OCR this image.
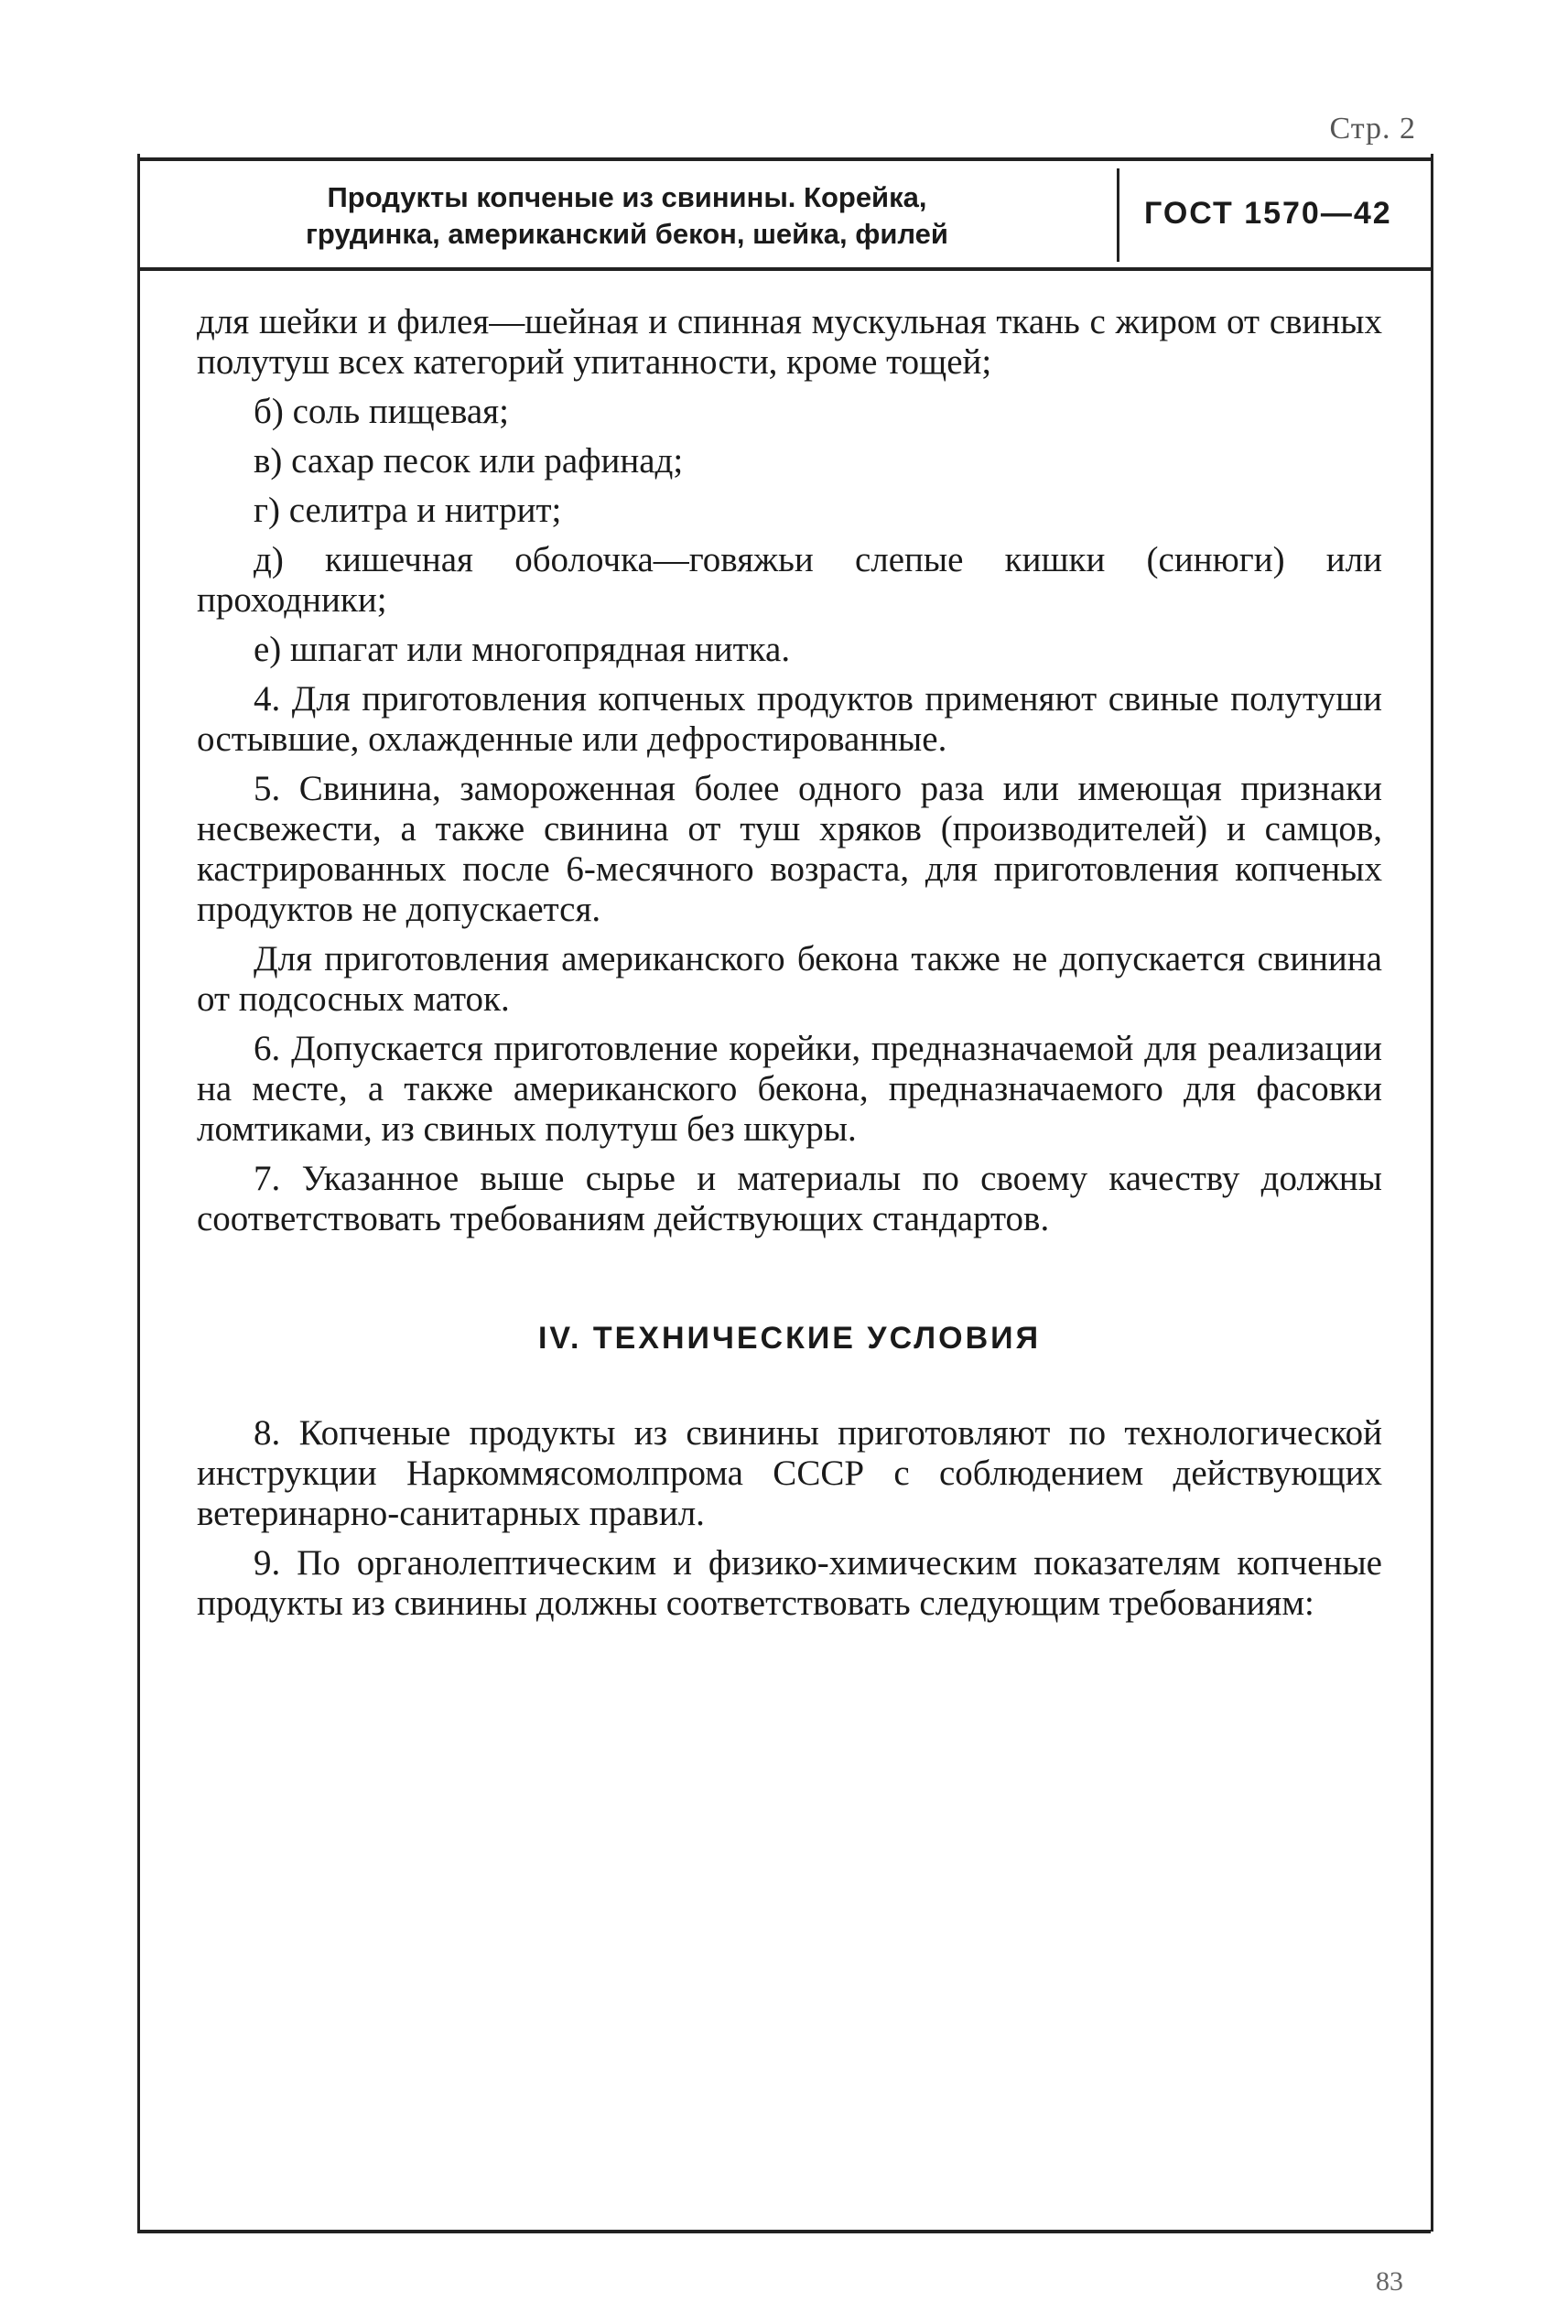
Стр. 2
Продукты копченые из свинины. Корейка,
грудинка, американский бекон, шейка, филей
ГОСТ 1570—42

для шейки и филея—шейная и спинная мускульная ткань с жиром от свиных полутуш всех категорий упитанности, кроме тощей;

б) соль пищевая;

в) сахар песок или рафинад;

г) селитра и нитрит;

д) кишечная оболочка—говяжьи слепые кишки (синюги) или проходники;

е) шпагат или многопрядная нитка.

4. Для приготовления копченых продуктов применяют свиные полутуши остывшие, охлажденные или дефростированные.

5. Свинина, замороженная более одного раза или имеющая признаки несвежести, а также свинина от туш хряков (производителей) и самцов, кастрированных после 6-месячного возраста, для приготовления копченых продуктов не допускается.

Для приготовления американского бекона также не допускается свинина от подсосных маток.

6. Допускается приготовление корейки, предназначаемой для реализации на месте, а также американского бекона, предназначаемого для фасовки ломтиками, из свиных полутуш без шкуры.

7. Указанное выше сырье и материалы по своему качеству должны соответствовать требованиям действующих стандартов.

IV. ТЕХНИЧЕСКИЕ УСЛОВИЯ

8. Копченые продукты из свинины приготовляют по технологической инструкции Наркоммясомолпрома СССР с соблюдением действующих ветеринарно-санитарных правил.

9. По органолептическим и физико-химическим показателям копченые продукты из свинины должны соответствовать следующим требованиям:

83
